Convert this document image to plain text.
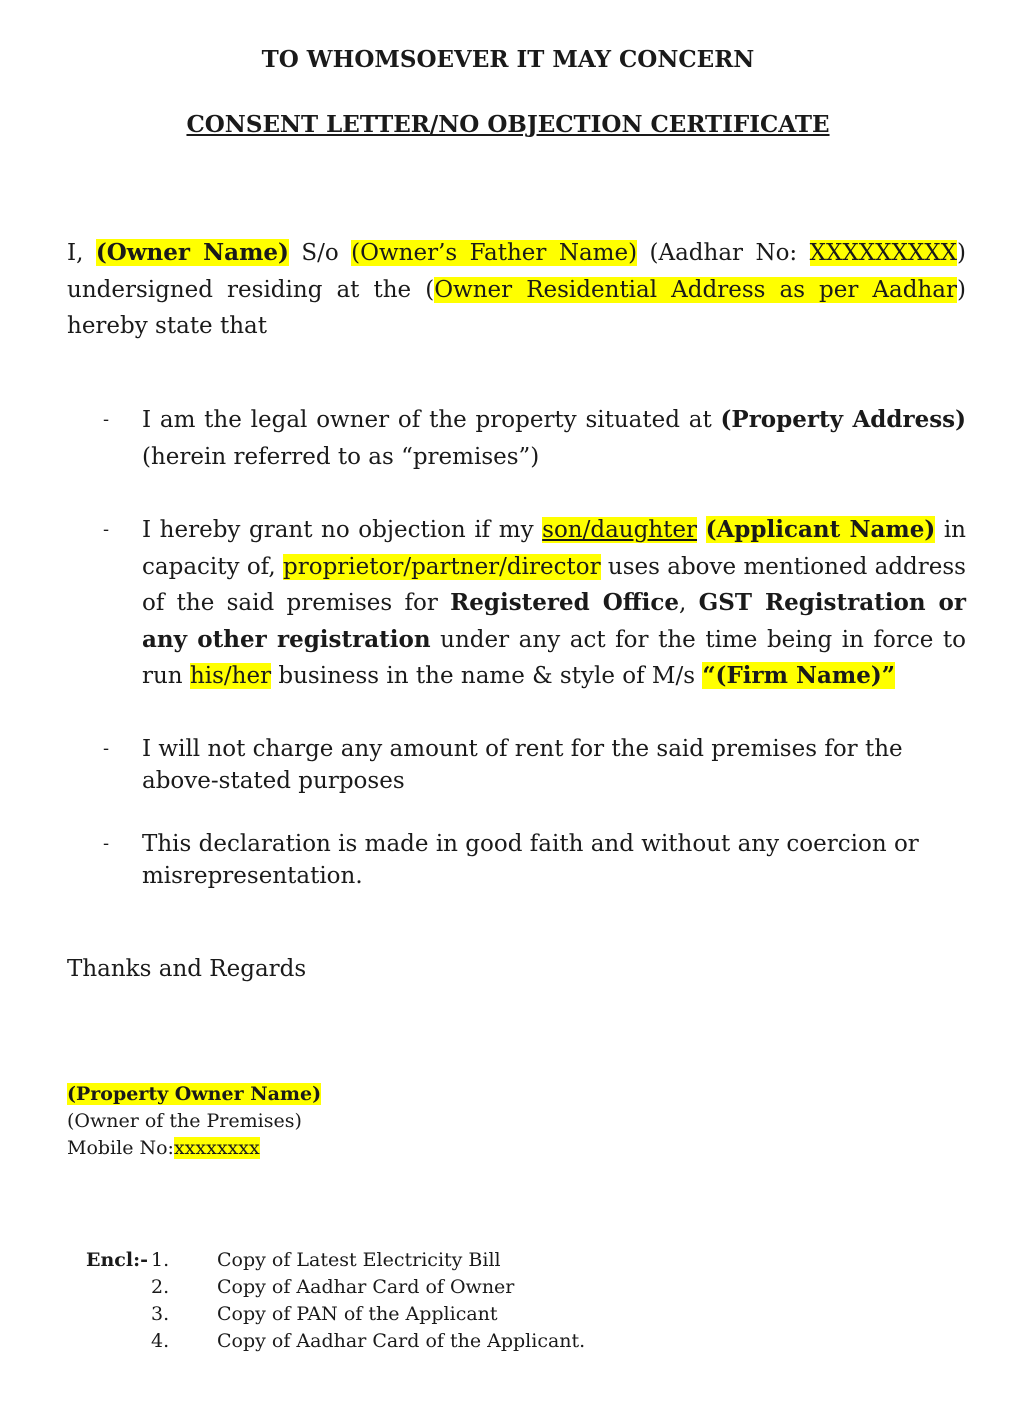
TO WHOMSOEVER IT MAY CONCERN
CONSENT LETTER/NO OBJECTION CERTIFICATE
I, (Owner Name) S/o (Owner’s Father Name) (Aadhar No: XXXXXXXXX) undersigned residing at the (Owner Residential Address as per Aadhar) hereby state that
- I am the legal owner of the property situated at (Property Address) (herein referred to as “premises”)
- I hereby grant no objection if my son/daughter (Applicant Name) in capacity of, proprietor/partner/director uses above mentioned address of the said premises for Registered Office, GST Registration or any other registration under any act for the time being in force to run his/her business in the name & style of M/s “(Firm Name)”
- I will not charge any amount of rent for the said premises for the above-stated purposes
- This declaration is made in good faith and without any coercion or misrepresentation.
Thanks and Regards
(Property Owner Name)
(Owner of the Premises)
Mobile No:xxxxxxxx
Encl:- 1.	Copy of Latest Electricity Bill
2.	Copy of Aadhar Card of Owner
3.	Copy of PAN of the Applicant
4.	Copy of Aadhar Card of the Applicant.
